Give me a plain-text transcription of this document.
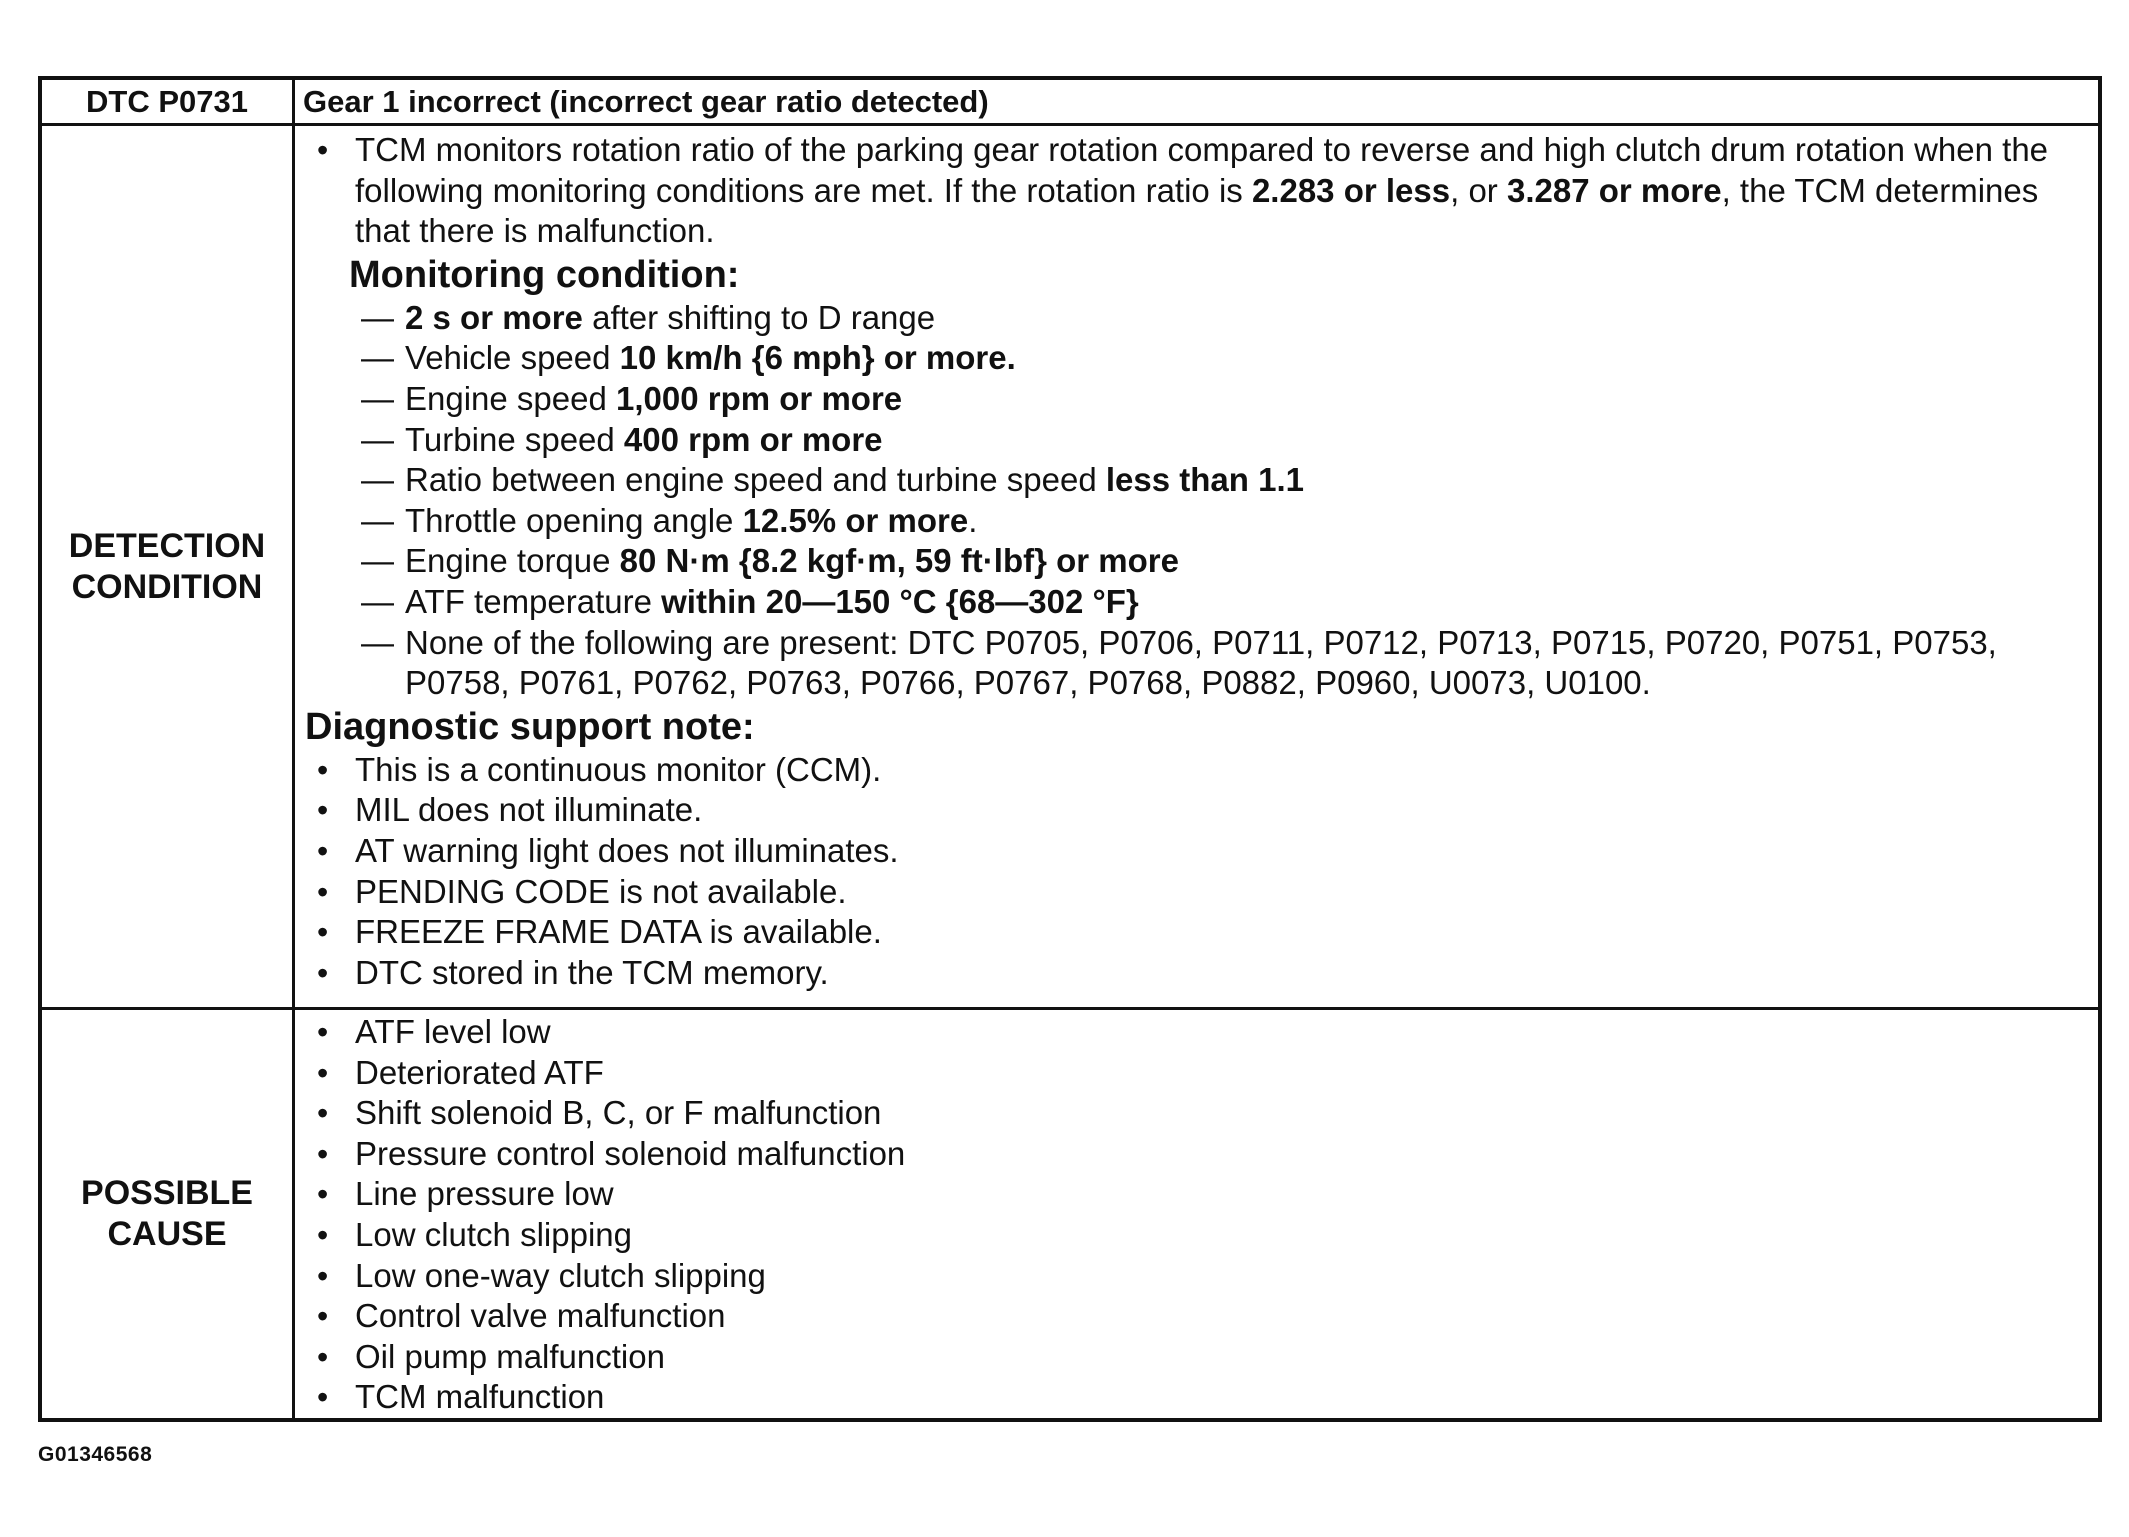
DTC P0731 Gear 1 incorrect (incorrect gear ratio detected)
DETECTION
CONDITION
• TCM monitors rotation ratio of the parking gear rotation compared to reverse and high clutch drum rotation when the following monitoring conditions are met. If the rotation ratio is 2.283 or less, or 3.287 or more, the TCM determines that there is malfunction.
Monitoring condition:
— 2 s or more after shifting to D range
— Vehicle speed 10 km/h {6 mph} or more.
— Engine speed 1,000 rpm or more
— Turbine speed 400 rpm or more
— Ratio between engine speed and turbine speed less than 1.1
— Throttle opening angle 12.5% or more.
— Engine torque 80 N·m {8.2 kgf·m, 59 ft·lbf} or more
— ATF temperature within 20—150 °C {68—302 °F}
— None of the following are present: DTC P0705, P0706, P0711, P0712, P0713, P0715, P0720, P0751, P0753, P0758, P0761, P0762, P0763, P0766, P0767, P0768, P0882, P0960, U0073, U0100.
Diagnostic support note:
• This is a continuous monitor (CCM).
• MIL does not illuminate.
• AT warning light does not illuminates.
• PENDING CODE is not available.
• FREEZE FRAME DATA is available.
• DTC stored in the TCM memory.
POSSIBLE
CAUSE
• ATF level low
• Deteriorated ATF
• Shift solenoid B, C, or F malfunction
• Pressure control solenoid malfunction
• Line pressure low
• Low clutch slipping
• Low one-way clutch slipping
• Control valve malfunction
• Oil pump malfunction
• TCM malfunction
G01346568
